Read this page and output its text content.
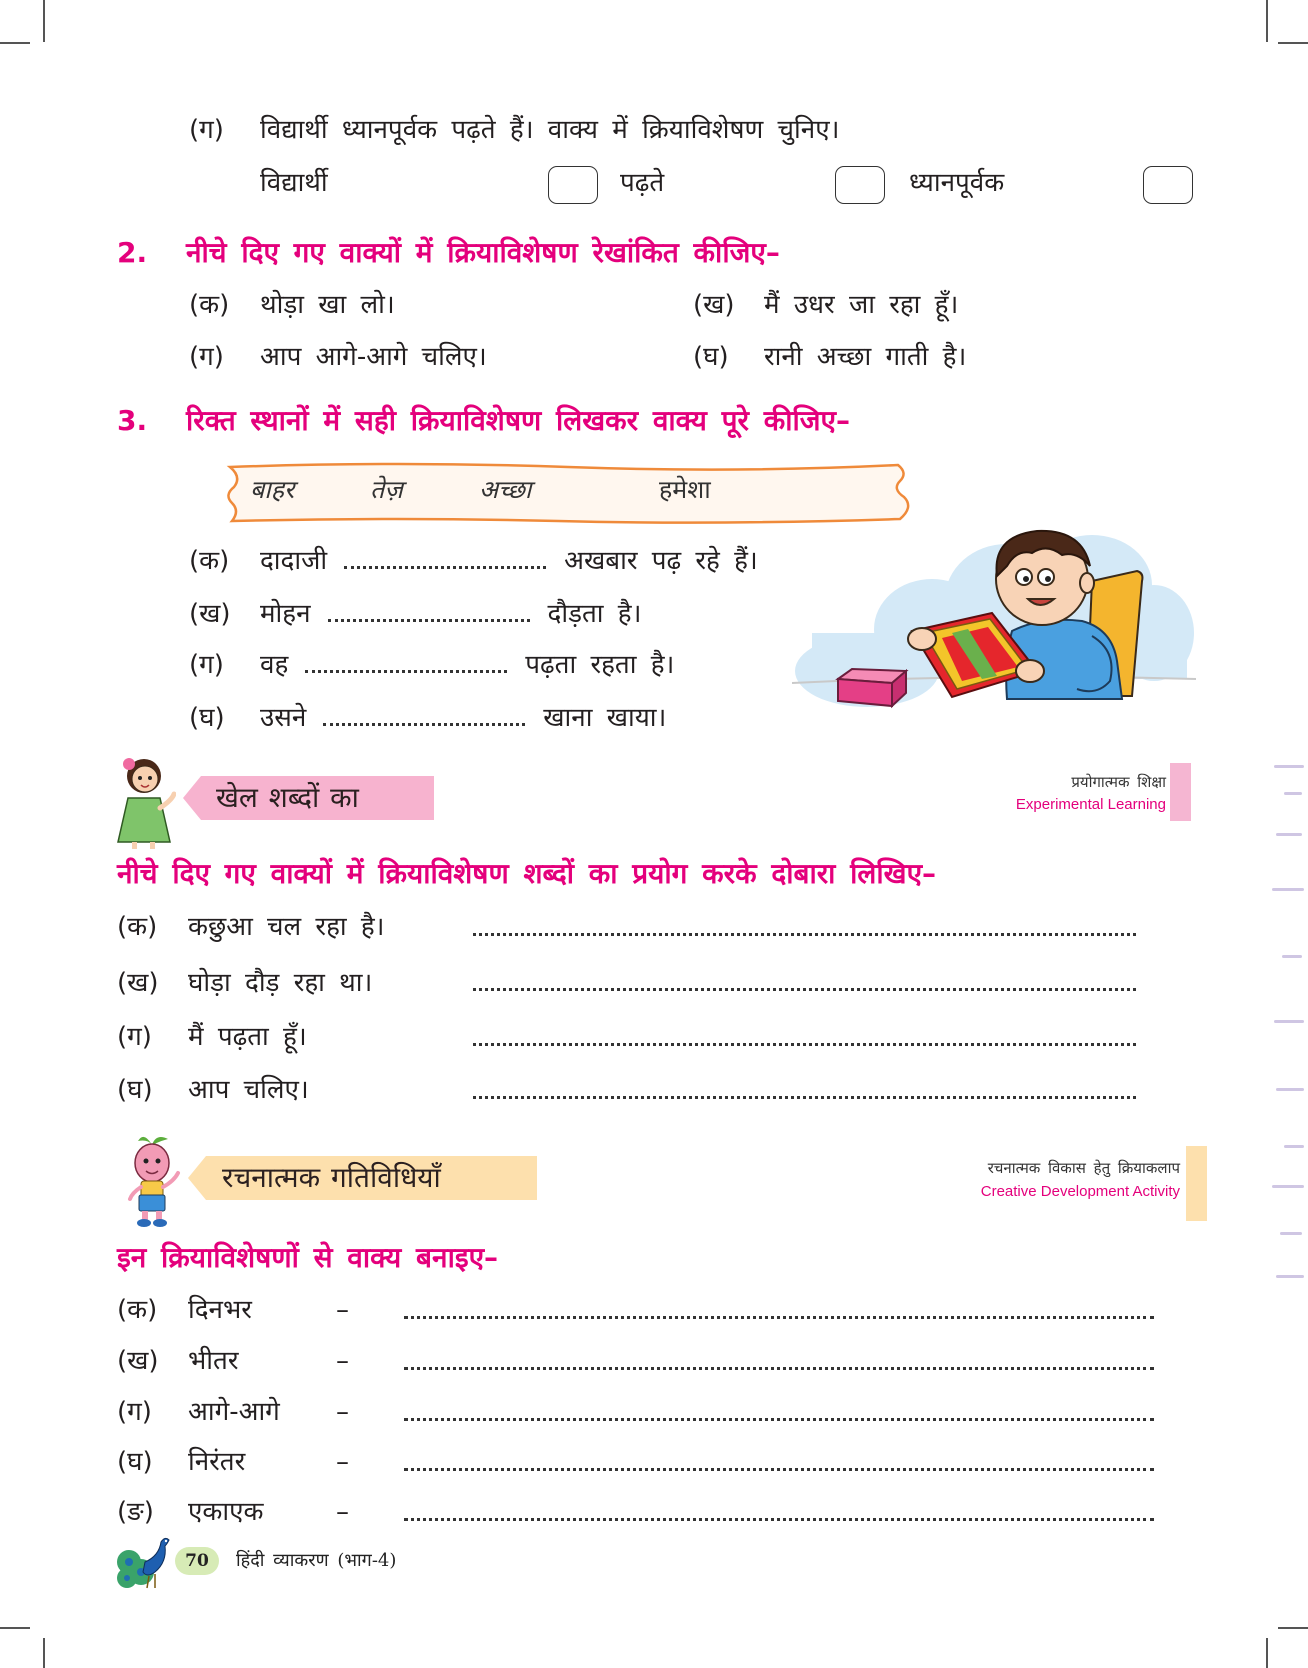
(ग) विद्यार्थी ध्यानपूर्वक पढ़ते हैं। वाक्य में क्रियाविशेषण चुनिए।
विद्यार्थी	पढ़ते	ध्यानपूर्वक
2. नीचे दिए गए वाक्यों में क्रियाविशेषण रेखांकित कीजिए–
(क) थोड़ा खा लो।	(ख) मैं उधर जा रहा हूँ।
(ग) आप आगे-आगे चलिए।	(घ) रानी अच्छा गाती है।
3. रिक्त स्थानों में सही क्रियाविशेषण लिखकर वाक्य पूरे कीजिए–
बाहर	तेज़	अच्छा	हमेशा
(क)	दादाजी	अखबार पढ़ रहे हैं।
(ख)	मोहन	दौड़ता है।
(ग)	वह	पढ़ता रहता है।
(घ)	उसने	खाना खाया।
खेल शब्दों का	प्रयोगात्मक शिक्षा
Experimental Learning
नीचे दिए गए वाक्यों में क्रियाविशेषण शब्दों का प्रयोग करके दोबारा लिखिए–
(क) कछुआ चल रहा है।
(ख) घोड़ा दौड़ रहा था।
(ग) मैं पढ़ता हूँ।
(घ) आप चलिए।
रचनात्मक गतिविधियाँ	रचनात्मक विकास हेतु क्रियाकलाप
Creative Development Activity
इन क्रियाविशेषणों से वाक्य बनाइए–
(क) दिनभर	–
(ख) भीतर	–
(ग) आगे-आगे –
(घ) निरंतर	–
(ङ) एकाएक	–
70	हिंदी व्याकरण (भाग-4)
